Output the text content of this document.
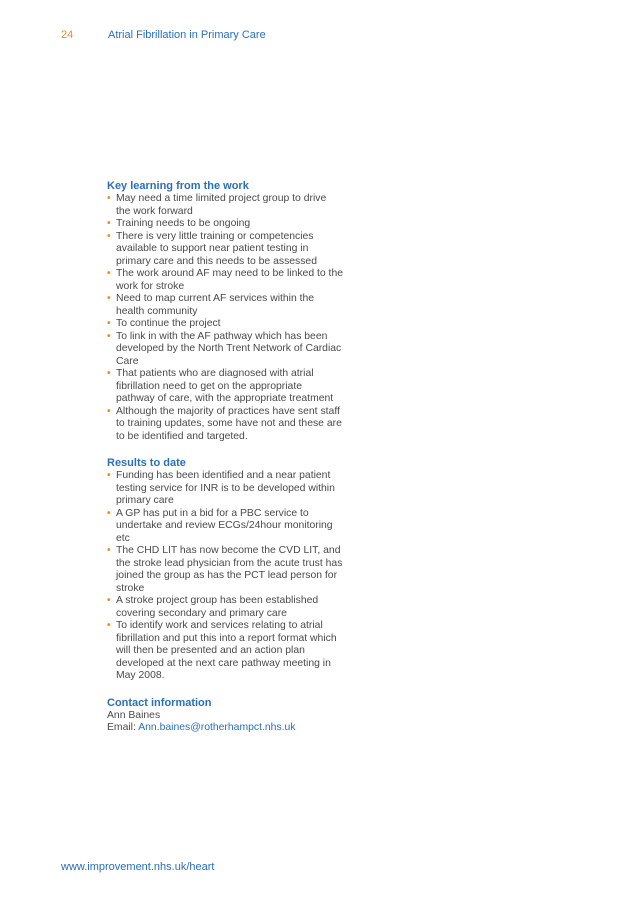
24	Atrial Fibrillation in Primary Care
Key learning from the work
• May need a time limited project group to drive the work forward
• Training needs to be ongoing
• There is very little training or competencies available to support near patient testing in primary care and this needs to be assessed
• The work around AF may need to be linked to the work for stroke
• Need to map current AF services within the health community
• To continue the project
• To link in with the AF pathway which has been developed by the North Trent Network of Cardiac Care
• That patients who are diagnosed with atrial fibrillation need to get on the appropriate pathway of care, with the appropriate treatment
• Although the majority of practices have sent staff to training updates, some have not and these are to be identified and targeted.
Results to date
• Funding has been identified and a near patient testing service for INR is to be developed within primary care
• A GP has put in a bid for a PBC service to undertake and review ECGs/24hour monitoring etc
• The CHD LIT has now become the CVD LIT, and the stroke lead physician from the acute trust has joined the group as has the PCT lead person for stroke
• A stroke project group has been established covering secondary and primary care
• To identify work and services relating to atrial fibrillation and put this into a report format which will then be presented and an action plan developed at the next care pathway meeting in May 2008.
Contact information
Ann Baines
Email: Ann.baines@rotherhampct.nhs.uk
www.improvement.nhs.uk/heart
